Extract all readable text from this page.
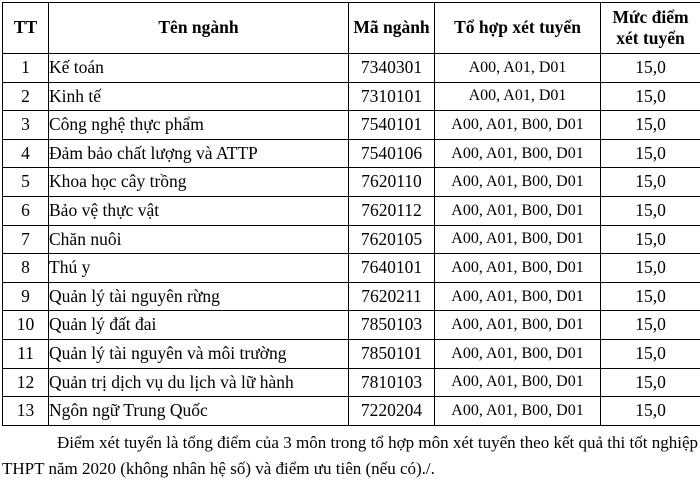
TT	Tên ngành	Mã ngành	Tổ hợp xét tuyển	Mức điểm xét tuyển
1	Kế toán	7340301	A00, A01, D01	15,0
2	Kinh tế	7310101	A00, A01, D01	15,0
3	Công nghệ thực phẩm	7540101	A00, A01, B00, D01	15,0
4	Đảm bảo chất lượng và ATTP	7540106	A00, A01, B00, D01	15,0
5	Khoa học cây trồng	7620110	A00, A01, B00, D01	15,0
6	Bảo vệ thực vật	7620112	A00, A01, B00, D01	15,0
7	Chăn nuôi	7620105	A00, A01, B00, D01	15,0
8	Thú y	7640101	A00, A01, B00, D01	15,0
9	Quản lý tài nguyên rừng	7620211	A00, A01, B00, D01	15,0
10	Quản lý đất đai	7850103	A00, A01, B00, D01	15,0
11	Quản lý tài nguyên và môi trường	7850101	A00, A01, B00, D01	15,0
12	Quản trị dịch vụ du lịch và lữ hành	7810103	A00, A01, B00, D01	15,0
13	Ngôn ngữ Trung Quốc	7220204	A00, A01, B00, D01	15,0

Điểm xét tuyển là tổng điểm của 3 môn trong tổ hợp môn xét tuyển theo kết quả thi tốt nghiệp THPT năm 2020 (không nhân hệ số) và điểm ưu tiên (nếu có)./.
